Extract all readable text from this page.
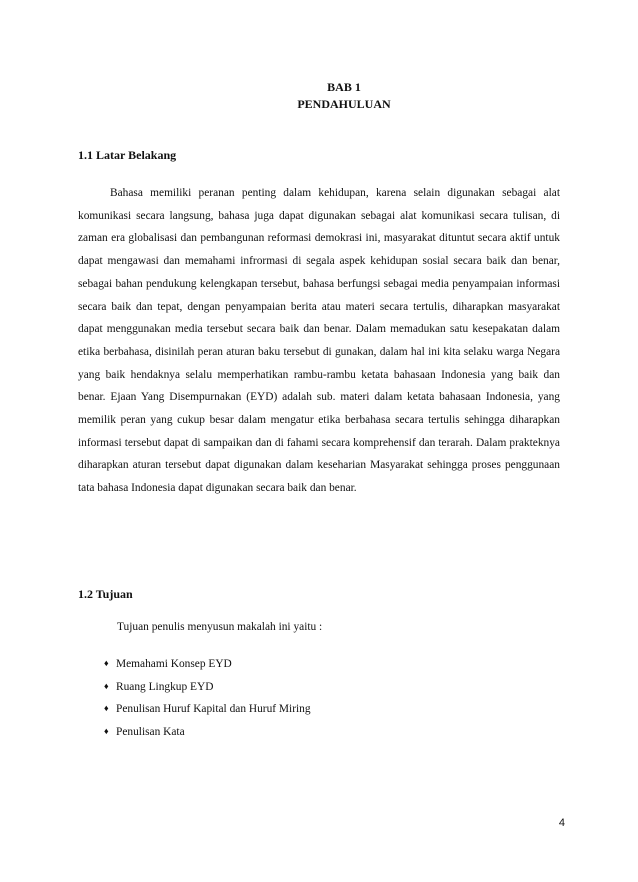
BAB 1
PENDAHULUAN
1.1 Latar Belakang

Bahasa memiliki peranan penting dalam kehidupan, karena selain digunakan sebagai alat komunikasi secara langsung, bahasa juga dapat digunakan sebagai alat komunikasi secara tulisan, di zaman era globalisasi dan pembangunan reformasi demokrasi ini, masyarakat dituntut secara aktif untuk dapat mengawasi dan memahami infrormasi di segala aspek kehidupan sosial secara baik dan benar, sebagai bahan pendukung kelengkapan tersebut, bahasa berfungsi sebagai media penyampaian informasi secara baik dan tepat, dengan penyampaian berita atau materi secara tertulis, diharapkan masyarakat dapat menggunakan media tersebut secara baik dan benar. Dalam memadukan satu kesepakatan dalam etika berbahasa, disinilah peran aturan baku tersebut di gunakan, dalam hal ini kita selaku warga Negara yang baik hendaknya selalu memperhatikan rambu-rambu ketata bahasaan Indonesia yang baik dan benar. Ejaan Yang Disempurnakan (EYD) adalah sub. materi dalam ketata bahasaan Indonesia, yang memilik peran yang cukup besar dalam mengatur etika berbahasa secara tertulis sehingga diharapkan informasi tersebut dapat di sampaikan dan di fahami secara komprehensif dan terarah. Dalam prakteknya diharapkan aturan tersebut dapat digunakan dalam keseharian Masyarakat sehingga proses penggunaan tata bahasa Indonesia dapat digunakan secara baik dan benar.

1.2 Tujuan

Tujuan penulis menyusun makalah ini yaitu :

♦ Memahami Konsep EYD
♦ Ruang Lingkup EYD
♦ Penulisan Huruf Kapital dan Huruf Miring
♦ Penulisan Kata
4
